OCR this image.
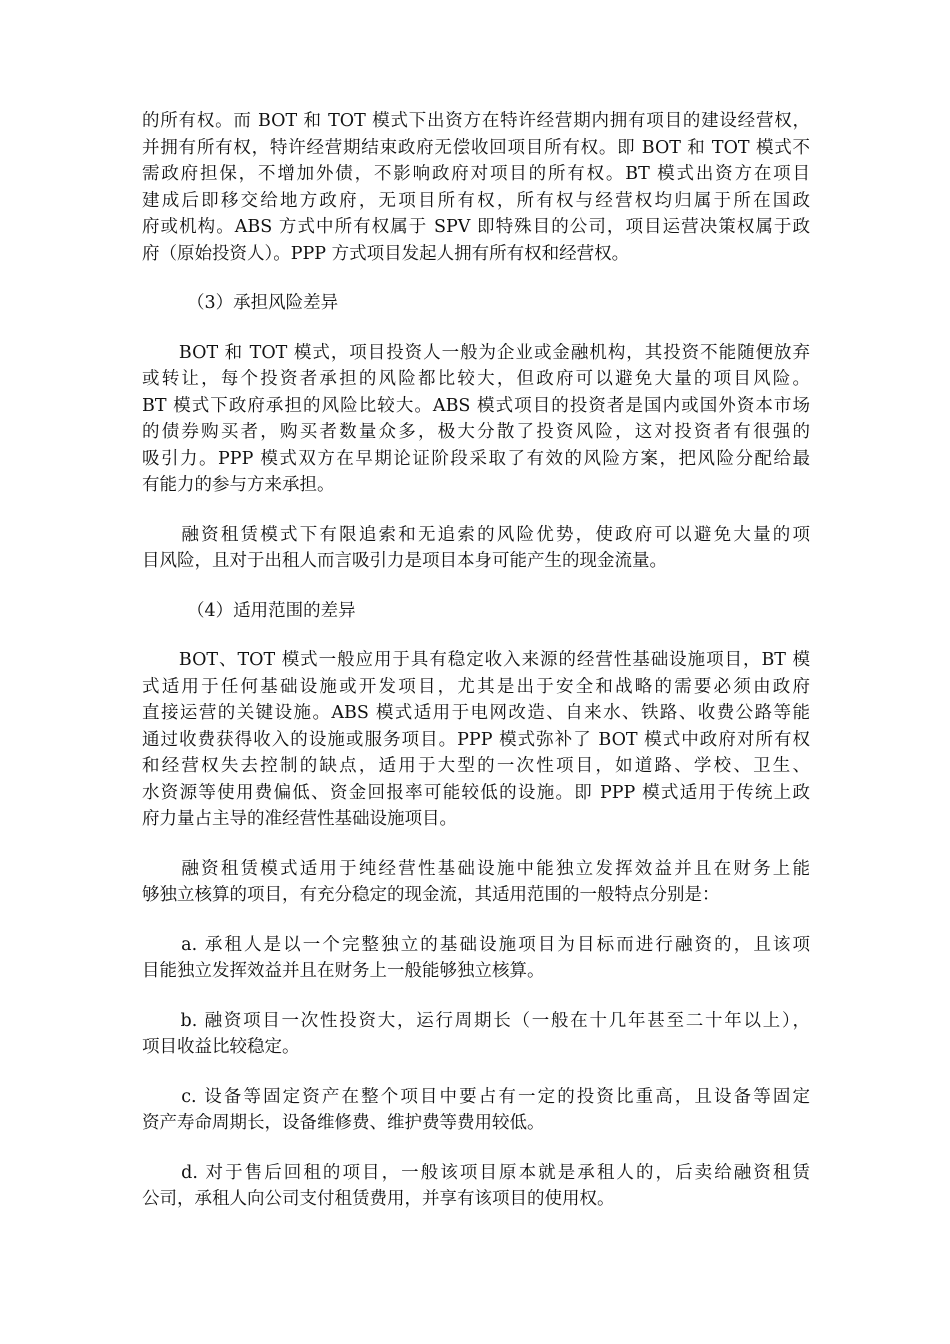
的所有权。而 BOT 和 TOT 模式下出资方在特许经营期内拥有项目的建设经营权，
并拥有所有权，特许经营期结束政府无偿收回项目所有权。即 BOT 和 TOT 模式不
需政府担保，不增加外债，不影响政府对项目的所有权。BT 模式出资方在项目
建成后即移交给地方政府，无项目所有权，所有权与经营权均归属于所在国政
府或机构。ABS 方式中所有权属于 SPV 即特殊目的公司，项目运营决策权属于政
府（原始投资人）。PPP 方式项目发起人拥有所有权和经营权。
（3）承担风险差异
　　BOT 和 TOT 模式，项目投资人一般为企业或金融机构，其投资不能随便放弃
或转让，每个投资者承担的风险都比较大，但政府可以避免大量的项目风险。
BT 模式下政府承担的风险比较大。ABS 模式项目的投资者是国内或国外资本市场
的债券购买者，购买者数量众多，极大分散了投资风险，这对投资者有很强的
吸引力。PPP 模式双方在早期论证阶段采取了有效的风险方案，把风险分配给最
有能力的参与方来承担。
　　融资租赁模式下有限追索和无追索的风险优势，使政府可以避免大量的项
目风险，且对于出租人而言吸引力是项目本身可能产生的现金流量。
（4）适用范围的差异
　　BOT、TOT 模式一般应用于具有稳定收入来源的经营性基础设施项目，BT 模
式适用于任何基础设施或开发项目，尤其是出于安全和战略的需要必须由政府
直接运营的关键设施。ABS 模式适用于电网改造、自来水、铁路、收费公路等能
通过收费获得收入的设施或服务项目。PPP 模式弥补了 BOT 模式中政府对所有权
和经营权失去控制的缺点，适用于大型的一次性项目，如道路、学校、卫生、
水资源等使用费偏低、资金回报率可能较低的设施。即 PPP 模式适用于传统上政
府力量占主导的准经营性基础设施项目。
　　融资租赁模式适用于纯经营性基础设施中能独立发挥效益并且在财务上能
够独立核算的项目，有充分稳定的现金流，其适用范围的一般特点分别是：
　　a. 承租人是以一个完整独立的基础设施项目为目标而进行融资的，且该项
目能独立发挥效益并且在财务上一般能够独立核算。
　　b. 融资项目一次性投资大，运行周期长（一般在十几年甚至二十年以上），
项目收益比较稳定。
　　c. 设备等固定资产在整个项目中要占有一定的投资比重高，且设备等固定
资产寿命周期长，设备维修费、维护费等费用较低。
　　d. 对于售后回租的项目，一般该项目原本就是承租人的，后卖给融资租赁
公司，承租人向公司支付租赁费用，并享有该项目的使用权。
